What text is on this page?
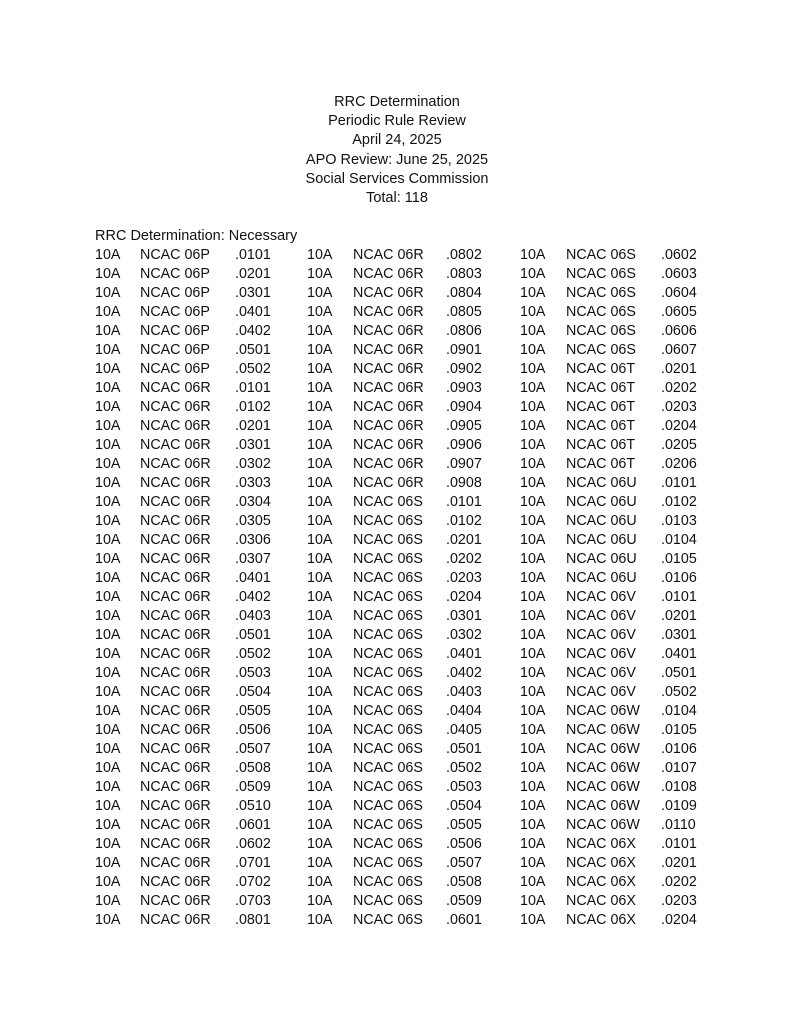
RRC Determination
Periodic Rule Review
April 24, 2025
APO Review: June 25, 2025
Social Services Commission
Total: 118
RRC Determination: Necessary
10A NCAC 06P .0101	10A NCAC 06R .0802	10A NCAC 06S .0602
10A NCAC 06P .0201	10A NCAC 06R .0803	10A NCAC 06S .0603
10A NCAC 06P .0301	10A NCAC 06R .0804	10A NCAC 06S .0604
10A NCAC 06P .0401	10A NCAC 06R .0805	10A NCAC 06S .0605
10A NCAC 06P .0402	10A NCAC 06R .0806	10A NCAC 06S .0606
10A NCAC 06P .0501	10A NCAC 06R .0901	10A NCAC 06S .0607
10A NCAC 06P .0502	10A NCAC 06R .0902	10A NCAC 06T .0201
10A NCAC 06R .0101	10A NCAC 06R .0903	10A NCAC 06T .0202
10A NCAC 06R .0102	10A NCAC 06R .0904	10A NCAC 06T .0203
10A NCAC 06R .0201	10A NCAC 06R .0905	10A NCAC 06T .0204
10A NCAC 06R .0301	10A NCAC 06R .0906	10A NCAC 06T .0205
10A NCAC 06R .0302	10A NCAC 06R .0907	10A NCAC 06T .0206
10A NCAC 06R .0303	10A NCAC 06R .0908	10A NCAC 06U .0101
10A NCAC 06R .0304	10A NCAC 06S .0101	10A NCAC 06U .0102
10A NCAC 06R .0305	10A NCAC 06S .0102	10A NCAC 06U .0103
10A NCAC 06R .0306	10A NCAC 06S .0201	10A NCAC 06U .0104
10A NCAC 06R .0307	10A NCAC 06S .0202	10A NCAC 06U .0105
10A NCAC 06R .0401	10A NCAC 06S .0203	10A NCAC 06U .0106
10A NCAC 06R .0402	10A NCAC 06S .0204	10A NCAC 06V .0101
10A NCAC 06R .0403	10A NCAC 06S .0301	10A NCAC 06V .0201
10A NCAC 06R .0501	10A NCAC 06S .0302	10A NCAC 06V .0301
10A NCAC 06R .0502	10A NCAC 06S .0401	10A NCAC 06V .0401
10A NCAC 06R .0503	10A NCAC 06S .0402	10A NCAC 06V .0501
10A NCAC 06R .0504	10A NCAC 06S .0403	10A NCAC 06V .0502
10A NCAC 06R .0505	10A NCAC 06S .0404	10A NCAC 06W .0104
10A NCAC 06R .0506	10A NCAC 06S .0405	10A NCAC 06W .0105
10A NCAC 06R .0507	10A NCAC 06S .0501	10A NCAC 06W .0106
10A NCAC 06R .0508	10A NCAC 06S .0502	10A NCAC 06W .0107
10A NCAC 06R .0509	10A NCAC 06S .0503	10A NCAC 06W .0108
10A NCAC 06R .0510	10A NCAC 06S .0504	10A NCAC 06W .0109
10A NCAC 06R .0601	10A NCAC 06S .0505	10A NCAC 06W .0110
10A NCAC 06R .0602	10A NCAC 06S .0506	10A NCAC 06X .0101
10A NCAC 06R .0701	10A NCAC 06S .0507	10A NCAC 06X .0201
10A NCAC 06R .0702	10A NCAC 06S .0508	10A NCAC 06X .0202
10A NCAC 06R .0703	10A NCAC 06S .0509	10A NCAC 06X .0203
10A NCAC 06R .0801	10A NCAC 06S .0601	10A NCAC 06X .0204
